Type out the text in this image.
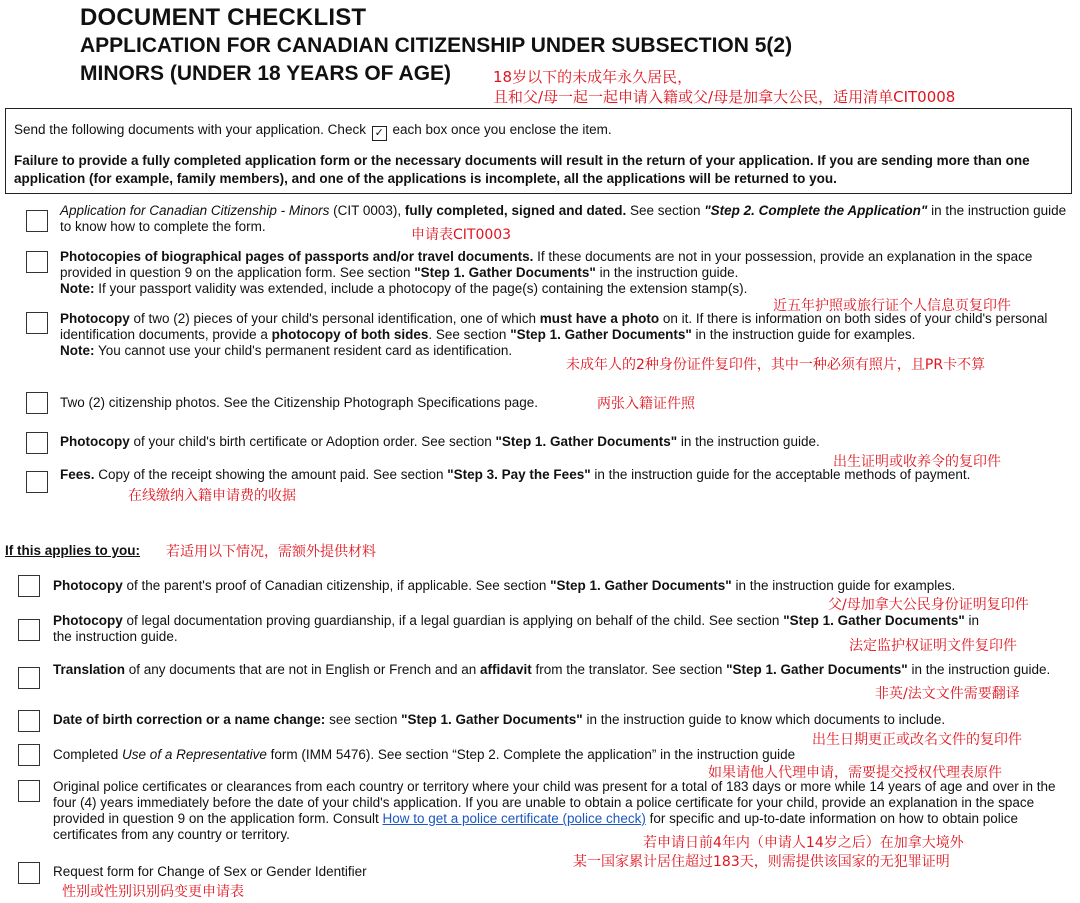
DOCUMENT CHECKLIST
APPLICATION FOR CANADIAN CITIZENSHIP UNDER SUBSECTION 5(2)
MINORS (UNDER 18 YEARS OF AGE)	18岁以下的未成年永久居民，
且和父/母一起一起申请入籍或父/母是加拿大公民，适用清单CIT0008
Send the following documents with your application. Check ✓ each box once you enclose the item.
Failure to provide a fully completed application form or the necessary documents will result in the return of your application. If you are sending more than one application (for example, family members), and one of the applications is incomplete, all the applications will be returned to you.
Application for Canadian Citizenship - Minors (CIT 0003), fully completed, signed and dated. See section "Step 2. Complete the Application" in the instruction guide to know how to complete the form.
申请表CIT0003
Photocopies of biographical pages of passports and/or travel documents. If these documents are not in your possession, provide an explanation in the space provided in question 9 on the application form. See section "Step 1. Gather Documents" in the instruction guide.
Note: If your passport validity was extended, include a photocopy of the page(s) containing the extension stamp(s).
近五年护照或旅行证个人信息页复印件
Photocopy of two (2) pieces of your child's personal identification, one of which must have a photo on it. If there is information on both sides of your child's personal identification documents, provide a photocopy of both sides. See section "Step 1. Gather Documents" in the instruction guide for examples.
Note: You cannot use your child's permanent resident card as identification.
未成年人的2种身份证件复印件，其中一种必须有照片，且PR卡不算
Two (2) citizenship photos. See the Citizenship Photograph Specifications page.	两张入籍证件照
Photocopy of your child's birth certificate or Adoption order. See section "Step 1. Gather Documents" in the instruction guide.
出生证明或收养令的复印件
Fees. Copy of the receipt showing the amount paid. See section "Step 3. Pay the Fees" in the instruction guide for the acceptable methods of payment.
在线缴纳入籍申请费的收据
If this applies to you: 若适用以下情况，需额外提供材料
Photocopy of the parent's proof of Canadian citizenship, if applicable. See section "Step 1. Gather Documents" in the instruction guide for examples.
父/母加拿大公民身份证明复印件
Photocopy of legal documentation proving guardianship, if a legal guardian is applying on behalf of the child. See section "Step 1. Gather Documents" in the instruction guide.
法定监护权证明文件复印件
Translation of any documents that are not in English or French and an affidavit from the translator. See section "Step 1. Gather Documents" in the instruction guide.
非英/法文文件需要翻译
Date of birth correction or a name change: see section "Step 1. Gather Documents" in the instruction guide to know which documents to include.
出生日期更正或改名文件的复印件
Completed Use of a Representative form (IMM 5476). See section “Step 2. Complete the application” in the instruction guide
如果请他人代理申请，需要提交授权代理表原件
Original police certificates or clearances from each country or territory where your child was present for a total of 183 days or more while 14 years of age and over in the four (4) years immediately before the date of your child's application. If you are unable to obtain a police certificate for your child, provide an explanation in the space provided in question 9 on the application form. Consult How to get a police certificate (police check) for specific and up-to-date information on how to obtain police certificates from any country or territory.
若申请日前4年内（申请人14岁之后）在加拿大境外
某一国家累计居住超过183天，则需提供该国家的无犯罪证明
Request form for Change of Sex or Gender Identifier
性别或性别识别码变更申请表
